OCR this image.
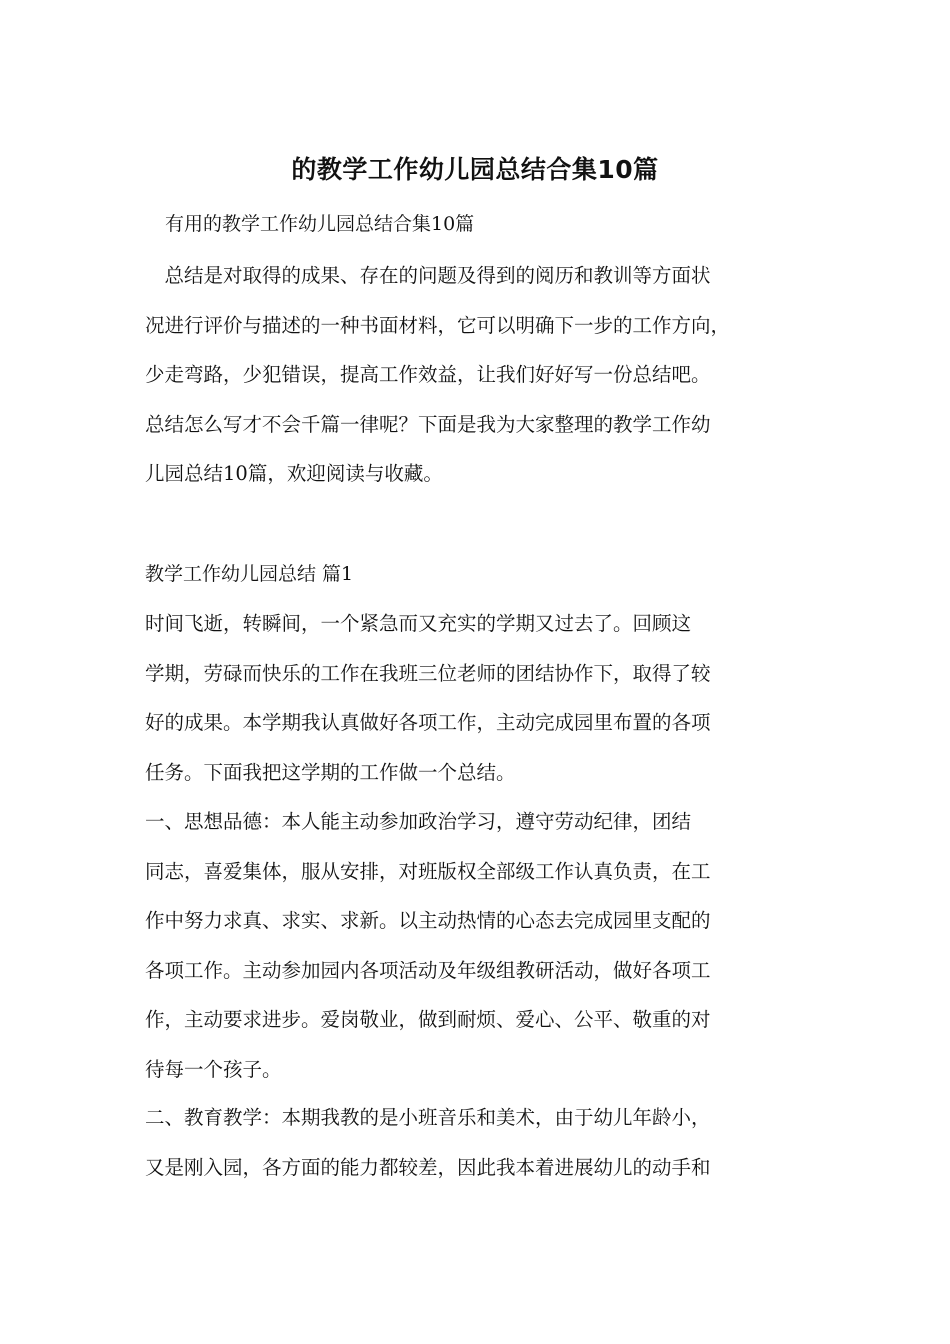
的教学工作幼儿园总结合集10篇
有用的教学工作幼儿园总结合集10篇
　总结是对取得的成果、存在的问题及得到的阅历和教训等方面状
况进行评价与描述的一种书面材料，它可以明确下一步的工作方向，
少走弯路，少犯错误，提高工作效益，让我们好好写一份总结吧。
总结怎么写才不会千篇一律呢？下面是我为大家整理的教学工作幼
儿园总结10篇，欢迎阅读与收藏。
教学工作幼儿园总结 篇1
时间飞逝，转瞬间，一个紧急而又充实的学期又过去了。回顾这
学期，劳碌而快乐的工作在我班三位老师的团结协作下，取得了较
好的成果。本学期我认真做好各项工作，主动完成园里布置的各项
任务。下面我把这学期的工作做一个总结。
一、思想品德：本人能主动参加政治学习，遵守劳动纪律，团结
同志，喜爱集体，服从安排，对班版权全部级工作认真负责，在工
作中努力求真、求实、求新。以主动热情的心态去完成园里支配的
各项工作。主动参加园内各项活动及年级组教研活动，做好各项工
作，主动要求进步。爱岗敬业，做到耐烦、爱心、公平、敬重的对
待每一个孩子。
二、教育教学：本期我教的是小班音乐和美术，由于幼儿年龄小，
又是刚入园，各方面的能力都较差，因此我本着进展幼儿的动手和
